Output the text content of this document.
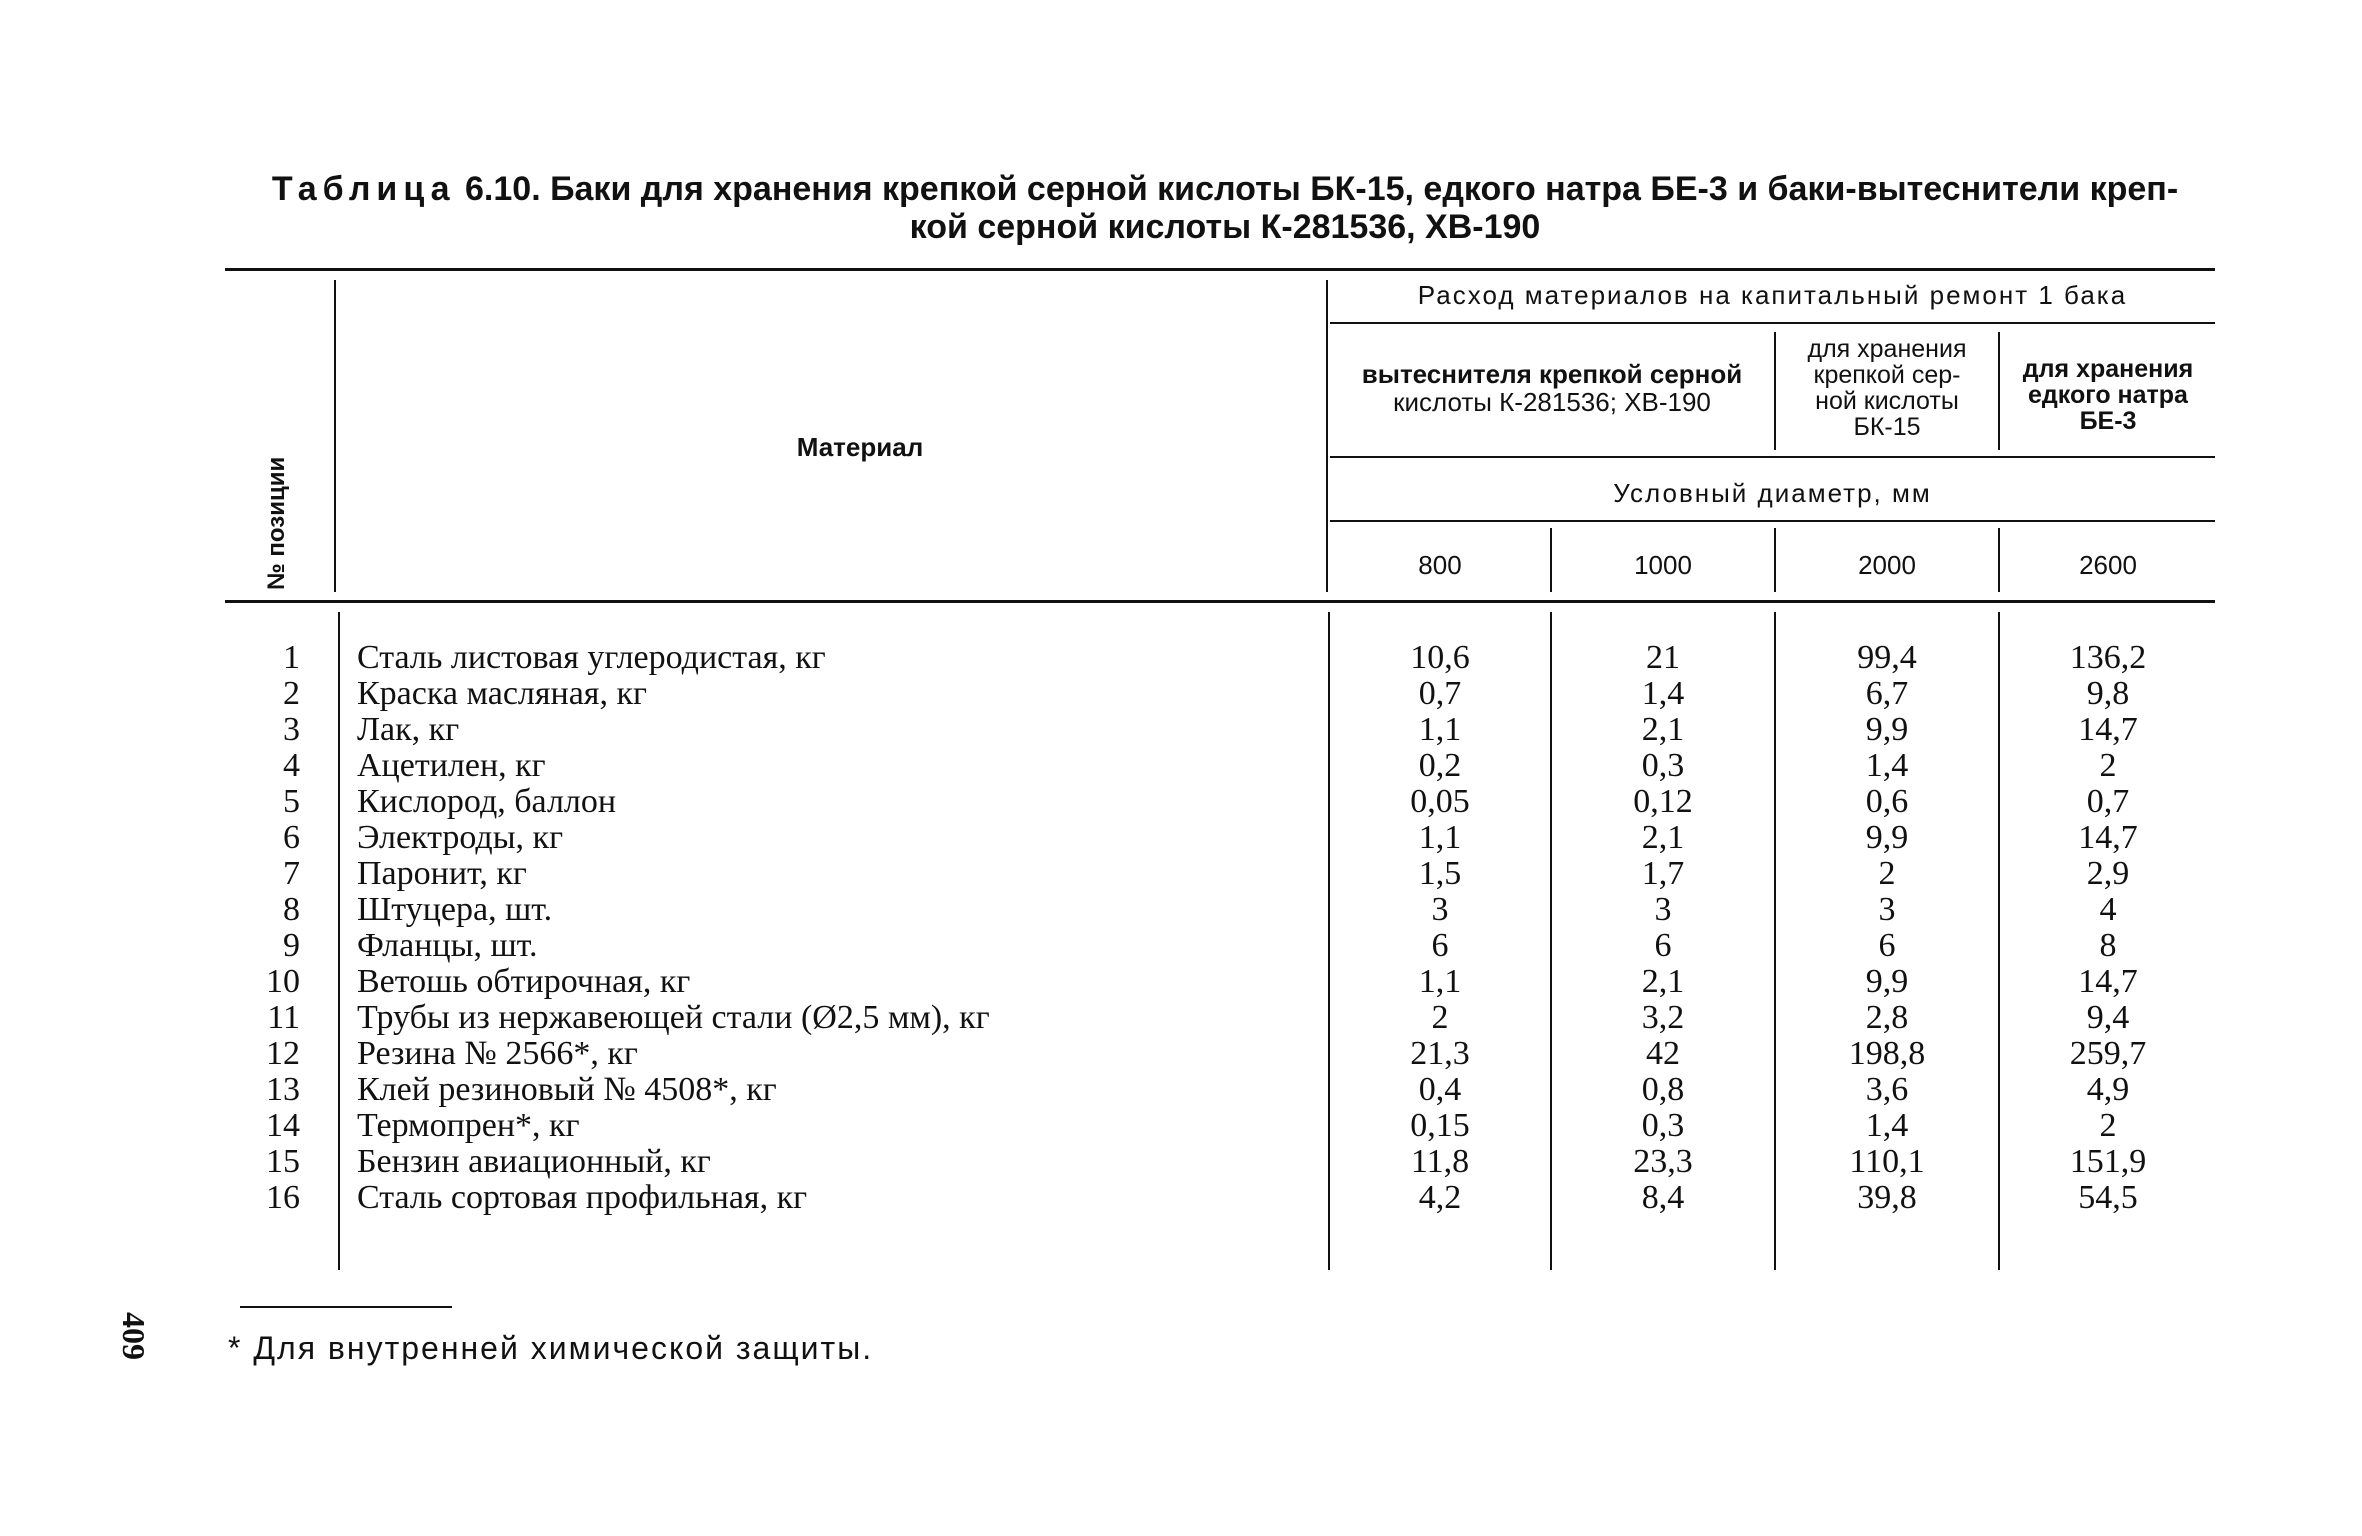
Таблица 6.10. Баки для хранения крепкой серной кислоты БК-15, едкого натра БЕ-3 и баки-вытеснители креп-
кой серной кислоты К-281536, ХВ-190
№ позиции
Материал
Расход материалов на капитальный ремонт 1 бака
вытеснителя крепкой серной
кислоты К-281536; ХВ-190
для хранения
крепкой сер-
ной кислоты
БК-15
для хранения
едкого натра
БЕ-3
Условный диаметр, мм
800	1000	2000	2600
1 Сталь листовая углеродистая, кг	10,6	21	99,4	136,2
2 Краска масляная, кг	0,7	1,4	6,7	9,8
3 Лак, кг	1,1	2,1	9,9	14,7
4 Ацетилен, кг	0,2	0,3	1,4	2
5 Кислород, баллон	0,05	0,12	0,6	0,7
6 Электроды, кг	1,1	2,1	9,9	14,7
7 Паронит, кг	1,5	1,7	2	2,9
8 Штуцера, шт.	3	3	3	4
9 Фланцы, шт.	6	6	6	8
10 Ветошь обтирочная, кг	1,1	2,1	9,9	14,7
11 Трубы из нержавеющей стали (Ø2,5 мм), кг	2	3,2	2,8	9,4
12 Резина № 2566*, кг	21,3	42	198,8	259,7
13 Клей резиновый № 4508*, кг	0,4	0,8	3,6	4,9
14 Термопрен*, кг	0,15	0,3	1,4	2
15 Бензин авиационный, кг	11,8	23,3	110,1	151,9
16 Сталь сортовая профильная, кг	4,2	8,4	39,8	54,5
409 * Для внутренней химической защиты.
